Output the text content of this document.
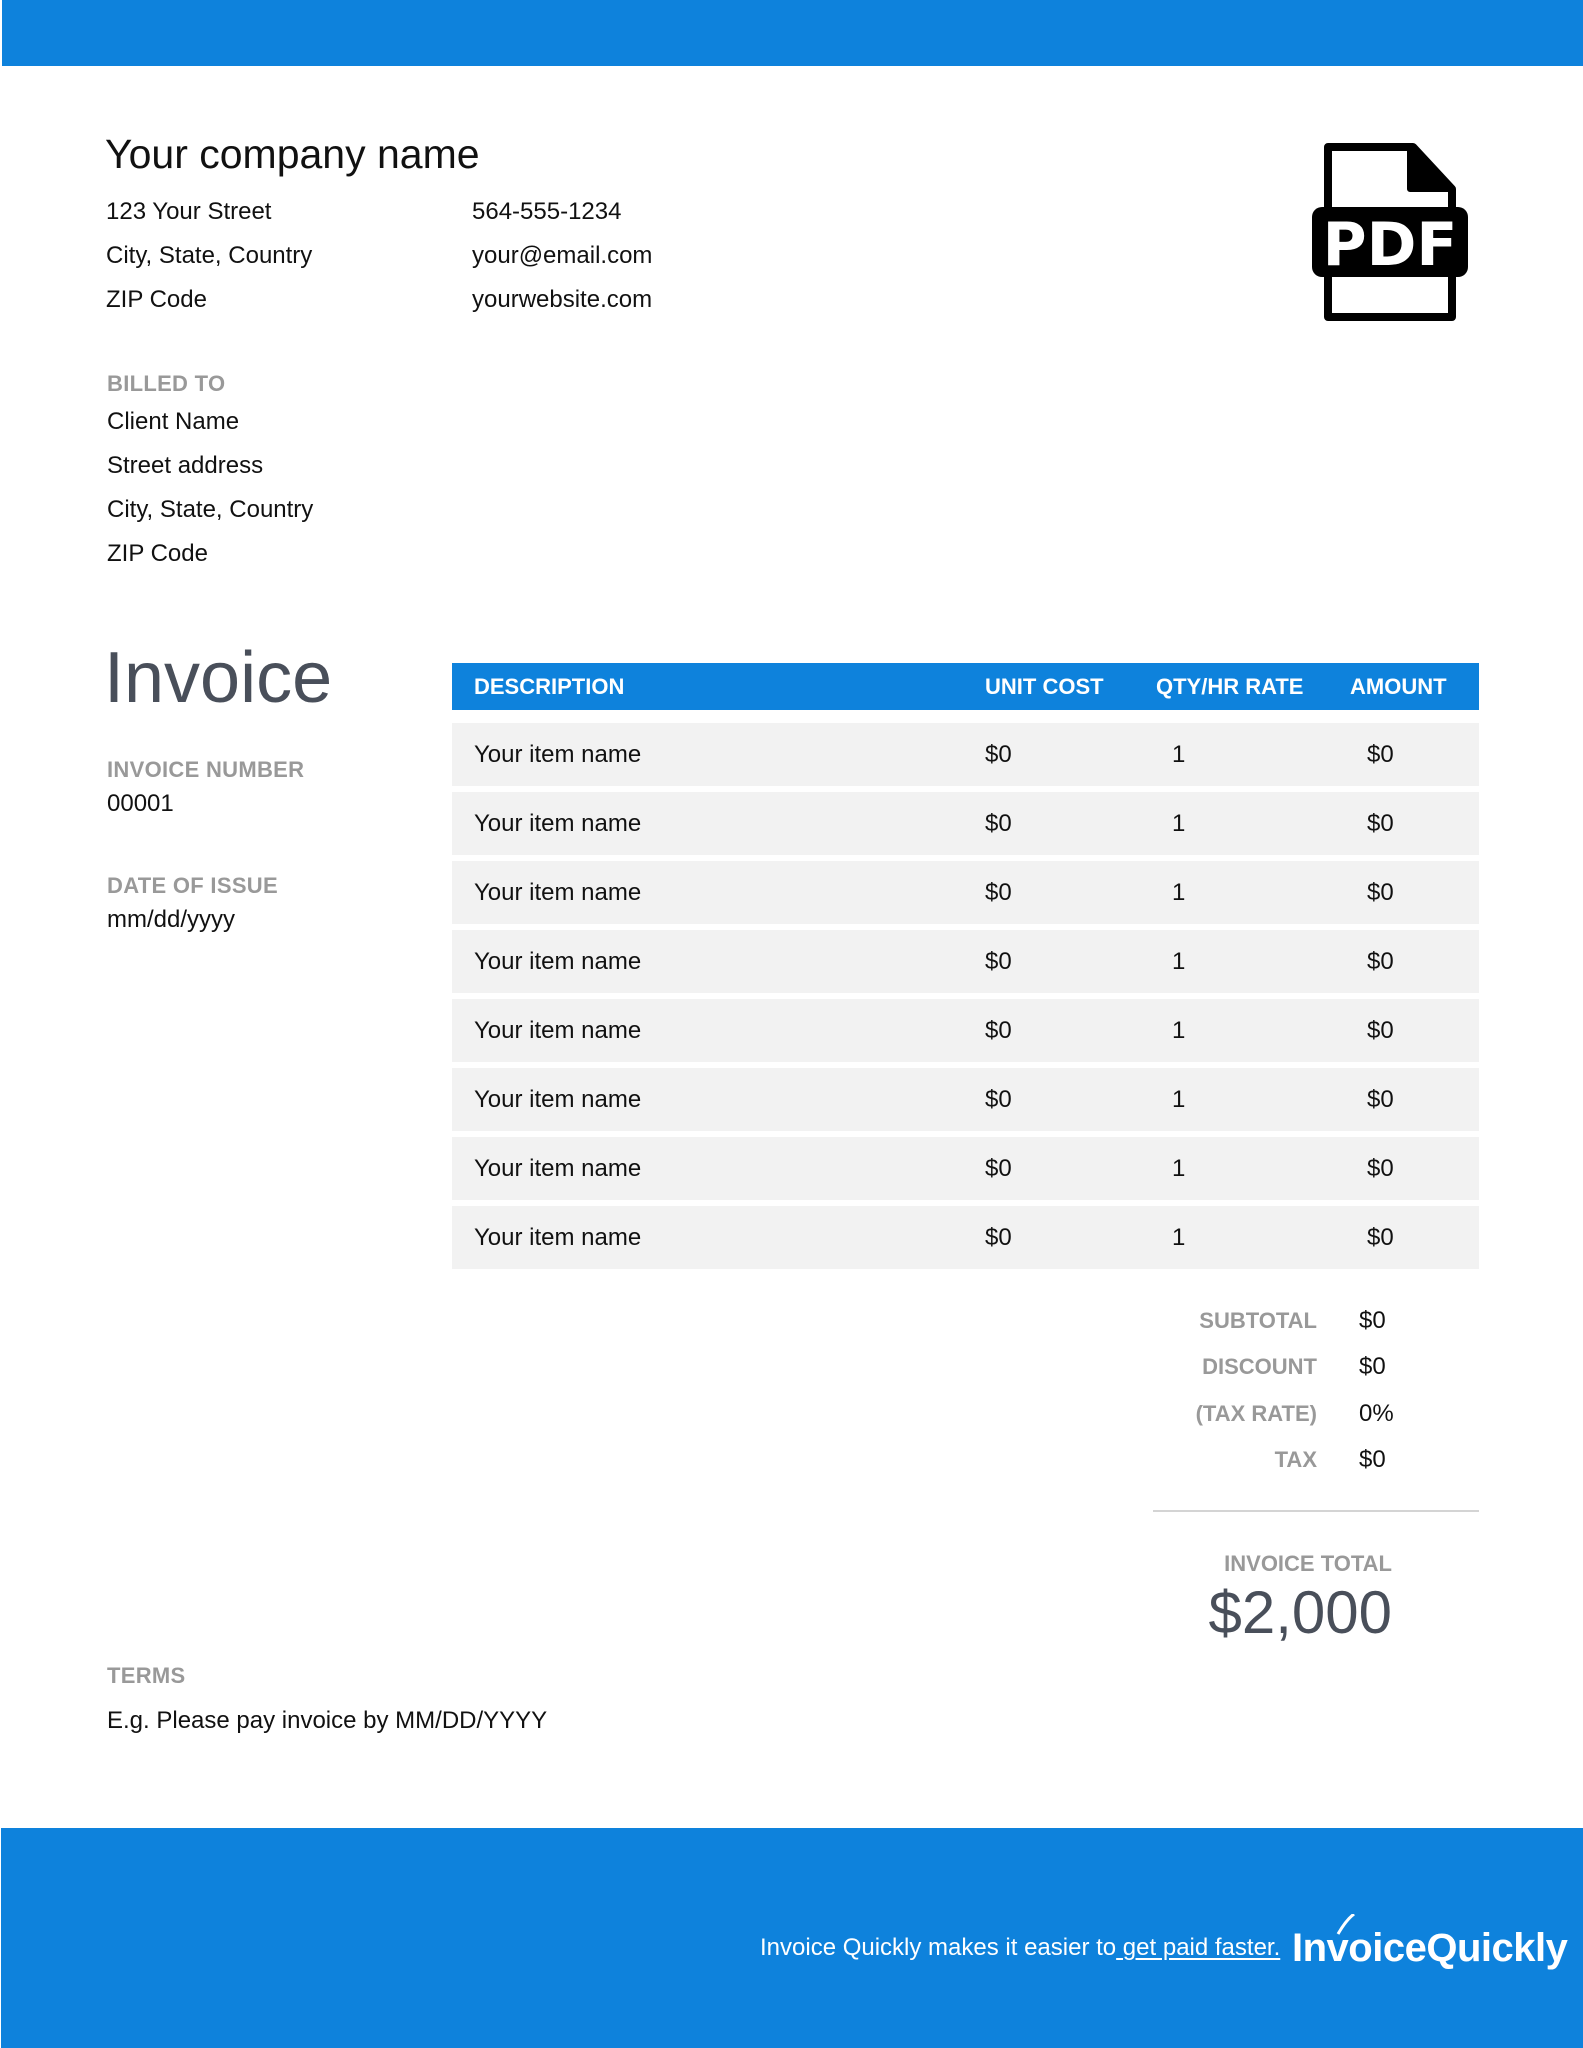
Your company name
123 Your Street
City, State, Country
ZIP Code
564-555-1234
your@email.com
yourwebsite.com
PDF
BILLED TO
Client Name
Street address
City, State, Country
ZIP Code
Invoice
INVOICE NUMBER
00001
DATE OF ISSUE
mm/dd/yyyy
DESCRIPTION	UNIT COST	QTY/HR RATE	AMOUNT
Your item name	$0	1	$0
Your item name	$0	1	$0
Your item name	$0	1	$0
Your item name	$0	1	$0
Your item name	$0	1	$0
Your item name	$0	1	$0
Your item name	$0	1	$0
Your item name	$0	1	$0
SUBTOTAL	$0
DISCOUNT	$0
(TAX RATE)	0%
TAX	$0
INVOICE TOTAL
$2,000
TERMS
E.g. Please pay invoice by MM/DD/YYYY
Invoice Quickly makes it easier to get paid faster. Inv
oiceQuickly
